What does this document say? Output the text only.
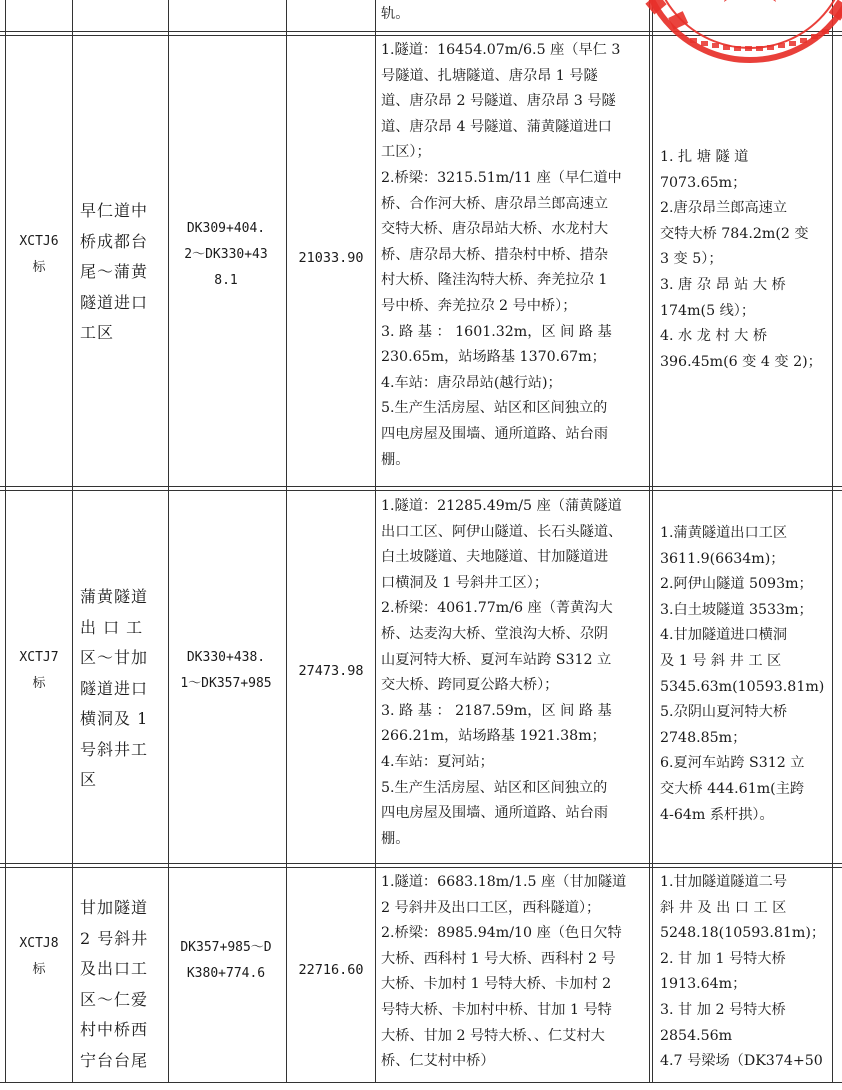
轨。
XCTJ6
标
早仁道中
桥成都台
尾～蒲黄
隧道进口
工区
DK309+404.
2～DK330+43
8.1
21033.90
1.隧道：16454.07m/6.5 座（早仁 3
号隧道、扎塘隧道、唐尕昂 1 号隧
道、唐尕昂 2 号隧道、唐尕昂 3 号隧
道、唐尕昂 4 号隧道、蒲黄隧道进口
工区）；
2.桥梁：3215.51m/11 座（早仁道中
桥、合作河大桥、唐尕昂兰郎高速立
交特大桥、唐尕昂站大桥、水龙村大
桥、唐尕昂大桥、措杂村中桥、措杂
村大桥、隆洼沟特大桥、奔羌拉尕 1
号中桥、奔羌拉尕 2 号中桥）；
3. 路 基 ： 1601.32m，区 间 路 基
230.65m，站场路基 1370.67m；
4.车站：唐尕昂站(越行站)；
5.生产生活房屋、站区和区间独立的
四电房屋及围墙、通所道路、站台雨
棚。
1. 扎 塘 隧 道
7073.65m；
2.唐尕昂兰郎高速立
交特大桥 784.2m(2 变
3 变 5）；
3. 唐 尕 昂 站 大 桥
174m(5 线）；
4. 水 龙 村 大 桥
396.45m(6 变 4 变 2)；
XCTJ7
标
蒲黄隧道
出 口 工
区～甘加
隧道进口
横洞及 1
号斜井工
区
DK330+438.
1～DK357+985
27473.98
1.隧道：21285.49m/5 座（蒲黄隧道
出口工区、阿伊山隧道、长石头隧道、
白土坡隧道、夫地隧道、甘加隧道进
口横洞及 1 号斜井工区）；
2.桥梁：4061.77m/6 座（菁黄沟大
桥、达麦沟大桥、堂浪沟大桥、尕阴
山夏河特大桥、夏河车站跨 S312 立
交大桥、跨同夏公路大桥）；
3. 路 基 ： 2187.59m，区 间 路 基
266.21m，站场路基 1921.38m；
4.车站：夏河站；
5.生产生活房屋、站区和区间独立的
四电房屋及围墙、通所道路、站台雨
棚。
1.蒲黄隧道出口工区
3611.9(6634m)；
2.阿伊山隧道 5093m；
3.白土坡隧道 3533m；
4.甘加隧道进口横洞
及 1 号 斜 井 工 区
5345.63m(10593.81m)
5.尕阴山夏河特大桥
2748.85m；
6.夏河车站跨 S312 立
交大桥 444.61m(主跨
4-64m 系杆拱）。
XCTJ8
标
甘加隧道
2 号斜井
及出口工
区～仁爱
村中桥西
宁台台尾
DK357+985～D
K380+774.6	22716.60
1.隧道：6683.18m/1.5 座（甘加隧道
2 号斜井及出口工区，西科隧道）；
2.桥梁：8985.94m/10 座（色日欠特
大桥、西科村 1 号大桥、西科村 2 号
大桥、卡加村 1 号特大桥、卡加村 2
号特大桥、卡加村中桥、甘加 1 号特
大桥、甘加 2 号特大桥、、仁艾村大
桥、仁艾村中桥）
1.甘加隧道隧道二号
斜 井 及 出 口 工 区
5248.18(10593.81m)；
2. 甘 加 1 号特大桥
1913.64m；
3. 甘 加 2 号特大桥
2854.56m
4.7 号梁场（DK374+50
